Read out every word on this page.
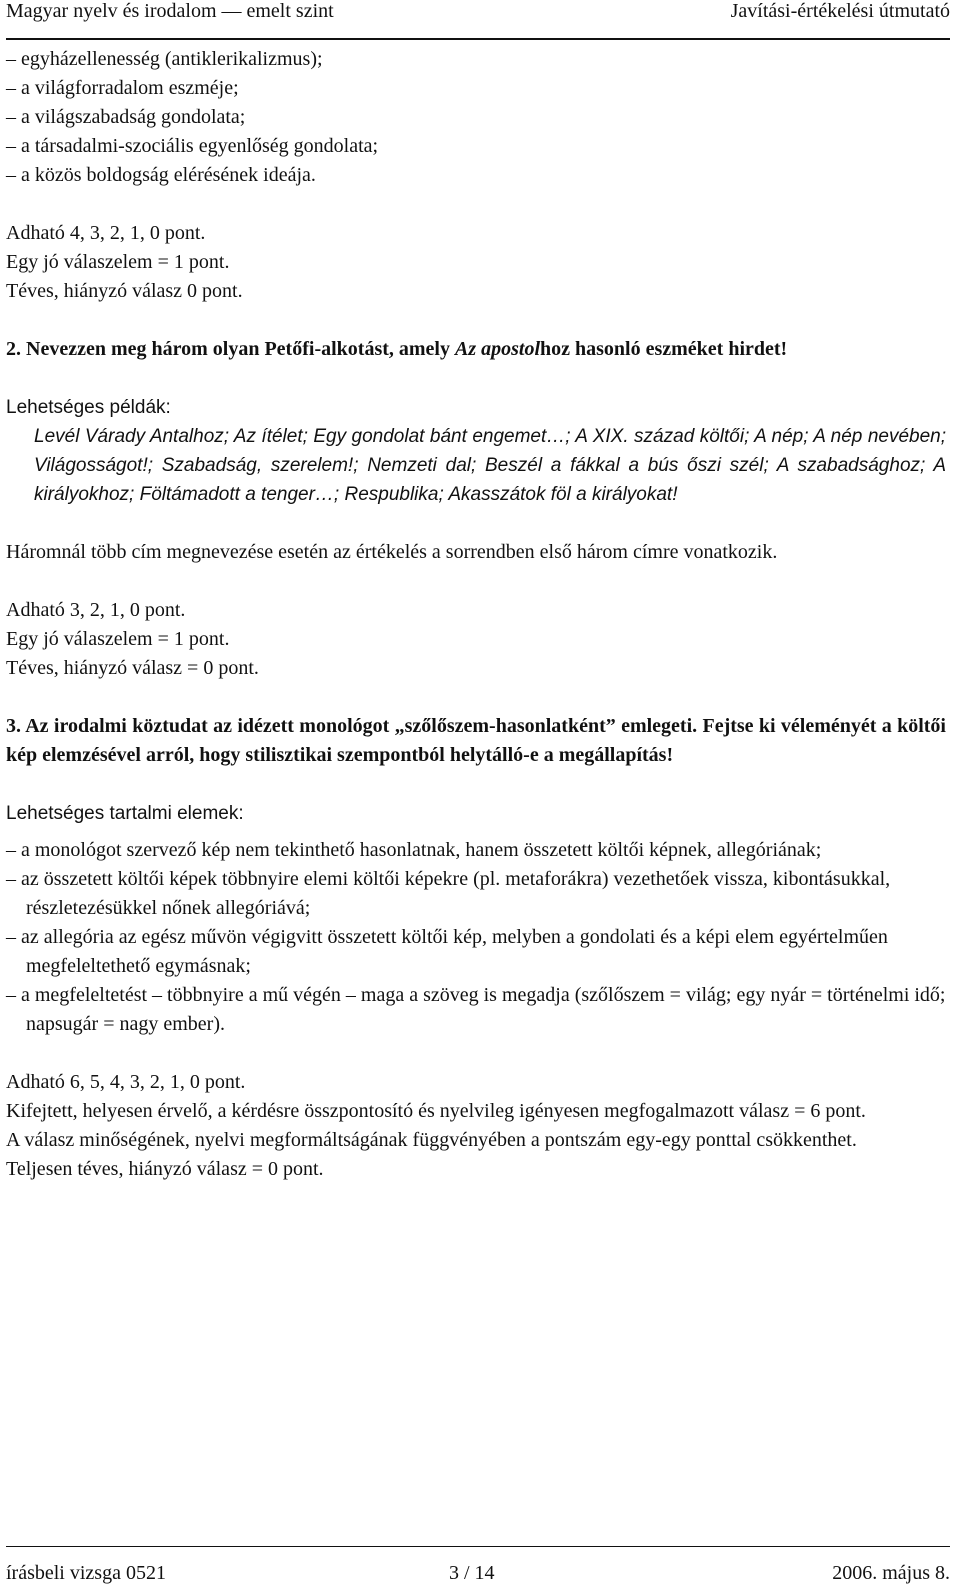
Magyar nyelv és irodalom — emelt szint	Javítási-értékelési útmutató
– egyházellenesség (antiklerikalizmus);
– a világforradalom eszméje;
– a világszabadság gondolata;
– a társadalmi-szociális egyenlőség gondolata;
– a közös boldogság elérésének ideája.
Adható 4, 3, 2, 1, 0 pont.
Egy jó válaszelem = 1 pont.
Téves, hiányzó válasz 0 pont.
2. Nevezzen meg három olyan Petőfi-alkotást, amely Az apostolhoz hasonló eszméket hirdet!
Lehetséges példák:
Levél Várady Antalhoz; Az ítélet; Egy gondolat bánt engemet…; A XIX. század költői; A nép; A nép nevében; Világosságot!; Szabadság, szerelem!; Nemzeti dal; Beszél a fákkal a bús őszi szél; A szabadsághoz; A királyokhoz; Föltámadott a tenger…; Respublika; Akasszátok föl a királyokat!
Háromnál több cím megnevezése esetén az értékelés a sorrendben első három címre vonatkozik.
Adható 3, 2, 1, 0 pont.
Egy jó válaszelem = 1 pont.
Téves, hiányzó válasz = 0 pont.
3. Az irodalmi köztudat az idézett monológot „szőlőszem-hasonlatként” emlegeti. Fejtse ki véleményét a költői kép elemzésével arról, hogy stilisztikai szempontból helytálló-e a megállapítás!
Lehetséges tartalmi elemek:
– a monológot szervező kép nem tekinthető hasonlatnak, hanem összetett költői képnek, allegóriának;
– az összetett költői képek többnyire elemi költői képekre (pl. metaforákra) vezethetőek vissza, kibontásukkal, részletezésükkel nőnek allegóriává;
– az allegória az egész művön végigvitt összetett költői kép, melyben a gondolati és a képi elem egyértelműen megfeleltethető egymásnak;
– a megfeleltetést – többnyire a mű végén – maga a szöveg is megadja (szőlőszem = világ; egy nyár = történelmi idő; napsugár = nagy ember).
Adható 6, 5, 4, 3, 2, 1, 0 pont.
Kifejtett, helyesen érvelő, a kérdésre összpontosító és nyelvileg igényesen megfogalmazott válasz = 6 pont.
A válasz minőségének, nyelvi megformáltságának függvényében a pontszám egy-egy ponttal csökkenthet.
Teljesen téves, hiányzó válasz = 0 pont.
írásbeli vizsga 0521	3 / 14	2006. május 8.
